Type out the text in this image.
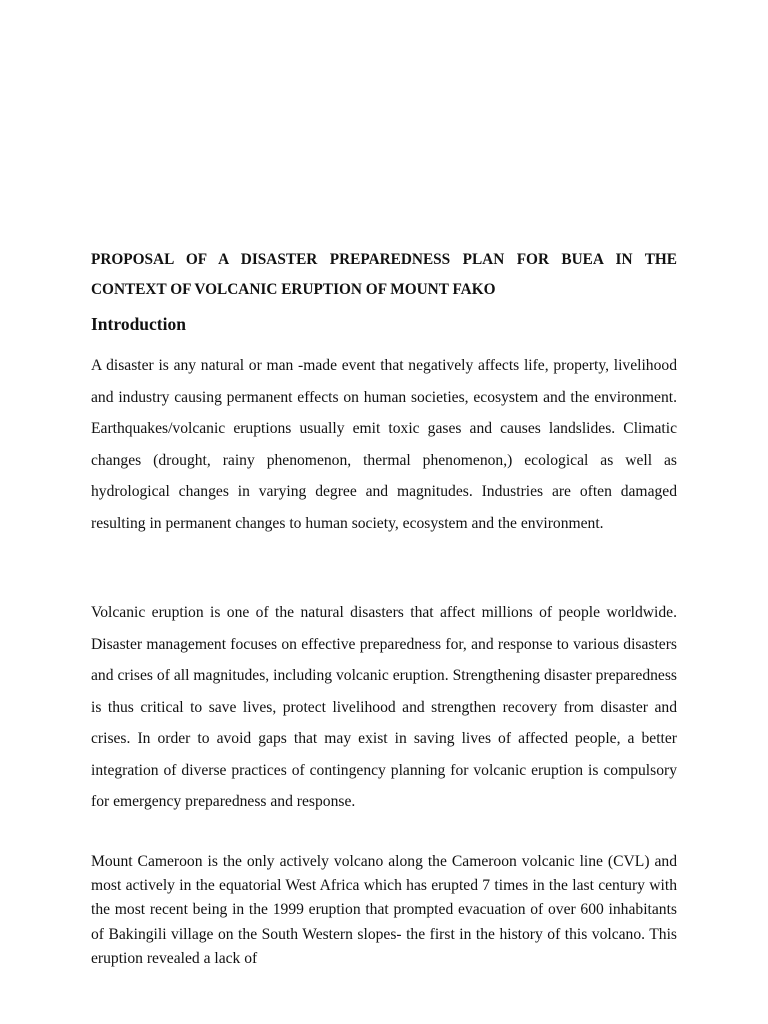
PROPOSAL OF A DISASTER PREPAREDNESS PLAN FOR BUEA IN THE CONTEXT OF VOLCANIC ERUPTION OF MOUNT FAKO
Introduction

A disaster is any natural or man -made event that negatively affects life, property, livelihood and industry causing permanent effects on human societies, ecosystem and the environment. Earthquakes/volcanic eruptions usually emit toxic gases and causes landslides. Climatic changes (drought, rainy phenomenon, thermal phenomenon,) ecological as well as hydrological changes in varying degree and magnitudes. Industries are often damaged resulting in permanent changes to human society, ecosystem and the environment.

Volcanic eruption is one of the natural disasters that affect millions of people worldwide. Disaster management focuses on effective preparedness for, and response to various disasters and crises of all magnitudes, including volcanic eruption. Strengthening disaster preparedness is thus critical to save lives, protect livelihood and strengthen recovery from disaster and crises. In order to avoid gaps that may exist in saving lives of affected people, a better integration of diverse practices of contingency planning for volcanic eruption is compulsory for emergency preparedness and response.

Mount Cameroon is the only actively volcano along the Cameroon volcanic line (CVL) and most actively in the equatorial West Africa which has erupted 7 times in the last century with the most recent being in the 1999 eruption that prompted evacuation of over 600 inhabitants of Bakingili village on the South Western slopes- the first in the history of this volcano. This eruption revealed a lack of
